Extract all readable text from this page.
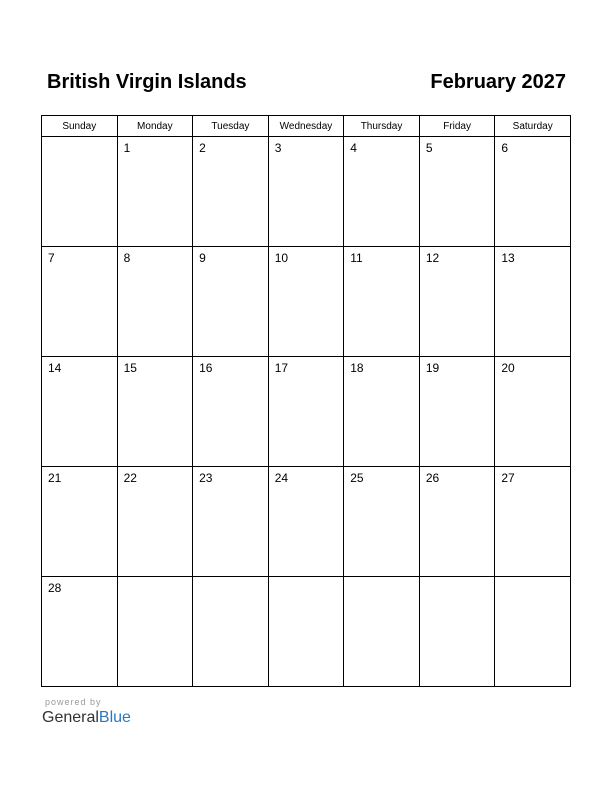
British Virgin Islands	February 2027
Sunday	Monday	Tuesday	Wednesday	Thursday	Friday	Saturday

	1	2	3	4	5	6

7	8	9	10	11	12	13

14	15	16	17	18	19	20

21	22	23	24	25	26	27

28						

powered by
GeneralBlue
